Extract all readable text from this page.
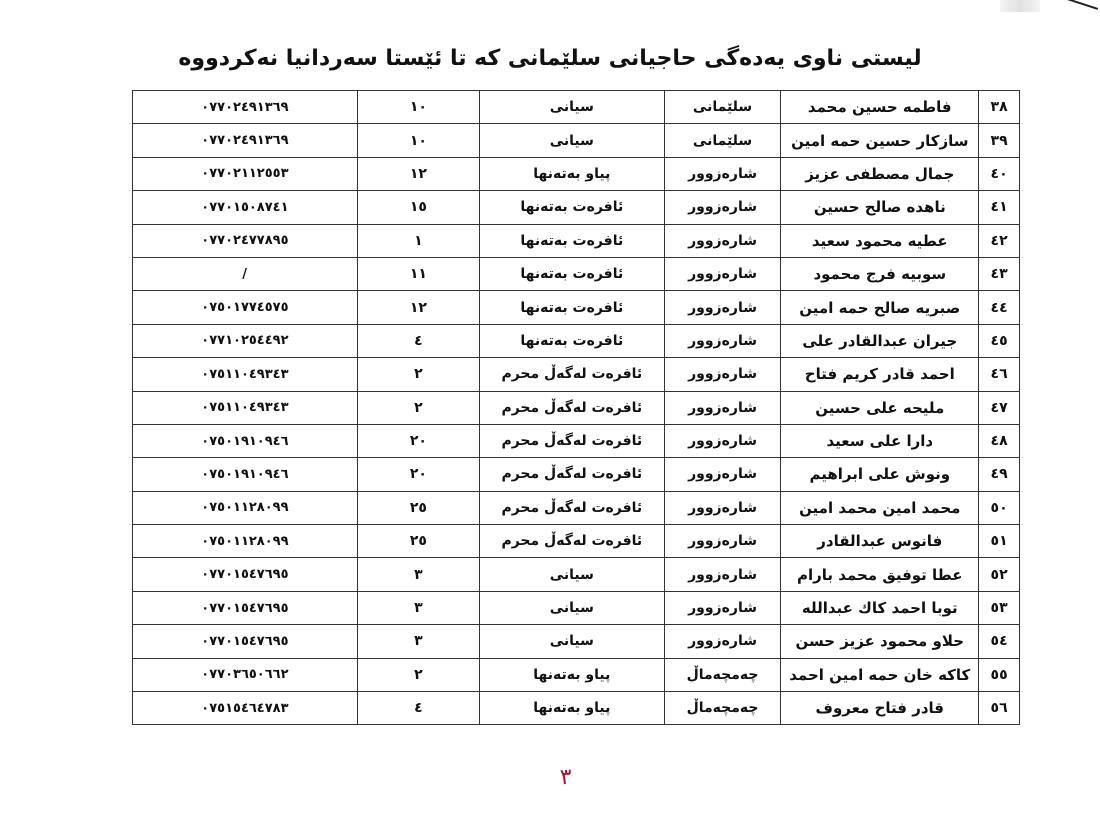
لیستی ناوی یەدەگی حاجیانی سلێمانی کە تا ئێستا سەردانیا نەکردووە
٣٨	فاطمه حسین محمد	سلێمانی	سیانی	١٠	٠٧٧٠٢٤٩١٣٦٩
٣٩	سازکار حسین حمه امین	سلێمانی	سیانی	١٠	٠٧٧٠٢٤٩١٣٦٩
٤٠	جمال مصطفی عزیز	شارەزوور	پیاو بەتەنها	١٢	٠٧٧٠٢١١٢٥٥٣
٤١	ناهده صالح حسین	شارەزوور	ئافرەت بەتەنها	١٥	٠٧٧٠١٥٠٨٧٤١
٤٢	عطیه محمود سعید	شارەزوور	ئافرەت بەتەنها	١	٠٧٧٠٢٤٧٧٨٩٥
٤٣	سوبیه فرج محمود	شارەزوور	ئافرەت بەتەنها	١١	/
٤٤	صبریه صالح حمه امین	شارەزوور	ئافرەت بەتەنها	١٢	٠٧٥٠١٧٧٤٥٧٥
٤٥	جیران عبدالقادر علی	شارەزوور	ئافرەت بەتەنها	٤	٠٧٧١٠٢٥٤٤٩٢
٤٦	احمد قادر کریم فتاح	شارەزوور	ئافرەت لەگەڵ محرم	٢	٠٧٥١١٠٤٩٣٤٣
٤٧	ملیحه علی حسین	شارەزوور	ئافرەت لەگەڵ محرم	٢	٠٧٥١١٠٤٩٣٤٣
٤٨	دارا علی سعید	شارەزوور	ئافرەت لەگەڵ محرم	٢٠	٠٧٥٠١٩١٠٩٤٦
٤٩	ونوش علی ابراهیم	شارەزوور	ئافرەت لەگەڵ محرم	٢٠	٠٧٥٠١٩١٠٩٤٦
٥٠	محمد امین محمد امین	شارەزوور	ئافرەت لەگەڵ محرم	٢٥	٠٧٥٠١١٢٨٠٩٩
٥١	فانوس عبدالقادر	شارەزوور	ئافرەت لەگەڵ محرم	٢٥	٠٧٥٠١١٢٨٠٩٩
٥٢	عطا توفیق محمد بارام	شارەزوور	سیانی	٣	٠٧٧٠١٥٤٧٦٩٥
٥٣	توبا احمد کاك عبدالله	شارەزوور	سیانی	٣	٠٧٧٠١٥٤٧٦٩٥
٥٤	حلاو محمود عزیز حسن	شارەزوور	سیانی	٣	٠٧٧٠١٥٤٧٦٩٥
٥٥	کاکه خان حمه امین احمد	چەمچەماڵ	پیاو بەتەنها	٢	٠٧٧٠٣٦٥٠٦٦٢
٥٦	قادر فتاح معروف	چەمچەماڵ	پیاو بەتەنها	٤	٠٧٥١٥٤٦٤٧٨٣
٣
